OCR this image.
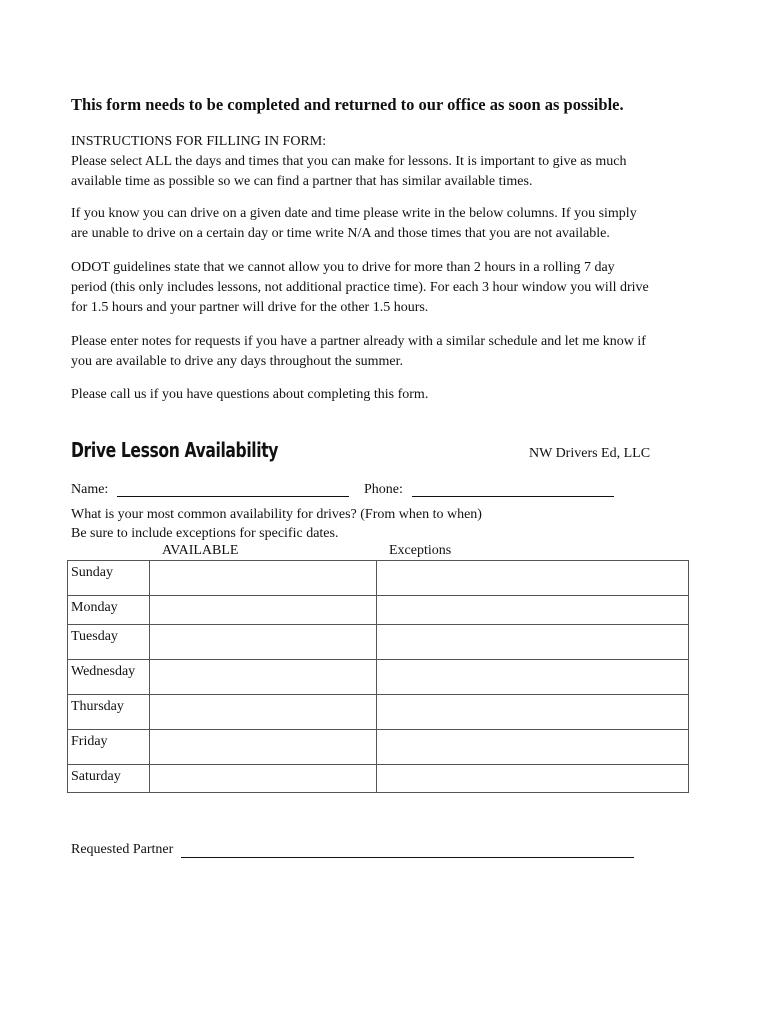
This form needs to be completed and returned to our office as soon as possible.
INSTRUCTIONS FOR FILLING IN FORM:
Please select ALL the days and times that you can make for lessons. It is important to give as much
available time as possible so we can find a partner that has similar available times.
If you know you can drive on a given date and time please write in the below columns. If you simply
are unable to drive on a certain day or time write N/A and those times that you are not available.
ODOT guidelines state that we cannot allow you to drive for more than 2 hours in a rolling 7 day
period (this only includes lessons, not additional practice time). For each 3 hour window you will drive
for 1.5 hours and your partner will drive for the other 1.5 hours.
Please enter notes for requests if you have a partner already with a similar schedule and let me know if
you are available to drive any days throughout the summer.
Please call us if you have questions about completing this form.
Drive Lesson Availability	NW Drivers Ed, LLC
Name:	Phone:
What is your most common availability for drives? (From when to when)
Be sure to include exceptions for specific dates.
AVAILABLE	Exceptions
Sunday		
Monday		
Tuesday		
Wednesday		
Thursday		
Friday		
Saturday		
Requested Partner
